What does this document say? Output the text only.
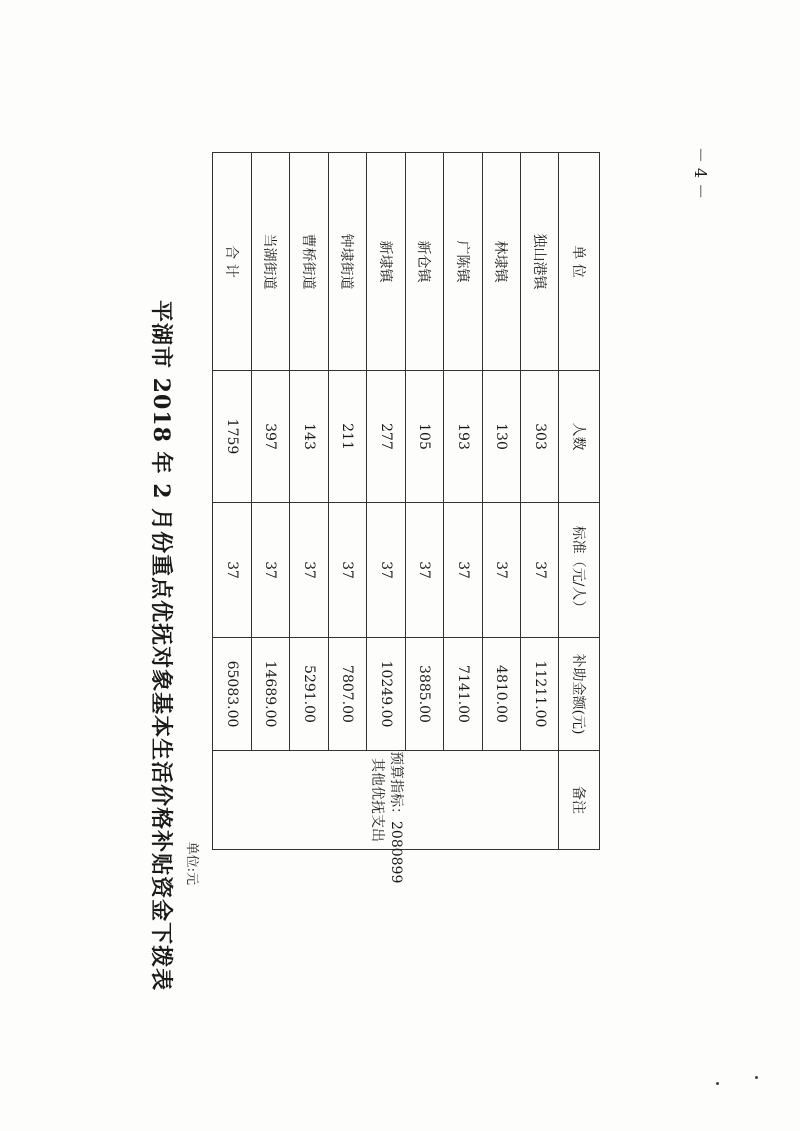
平湖市 2018 年 2 月份重点优抚对象基本生活价格补贴资金下拨表 单位:元
单 位	人数	标准（元/人）	补助金额(元)	备注
独山港镇	303	37	11211.00	预算指标：2080899
其他优抚支出

林埭镇	130	37	4810.00	
广陈镇	193	37	7141.00	
新仓镇	105	37	3885.00	
新埭镇	277	37	10249.00	
钟埭街道	211	37	7807.00	
曹桥街道	143	37	5291.00	
当湖街道	397	37	14689.00	
合 计	1759	37	65083.00	
－ 4 －
